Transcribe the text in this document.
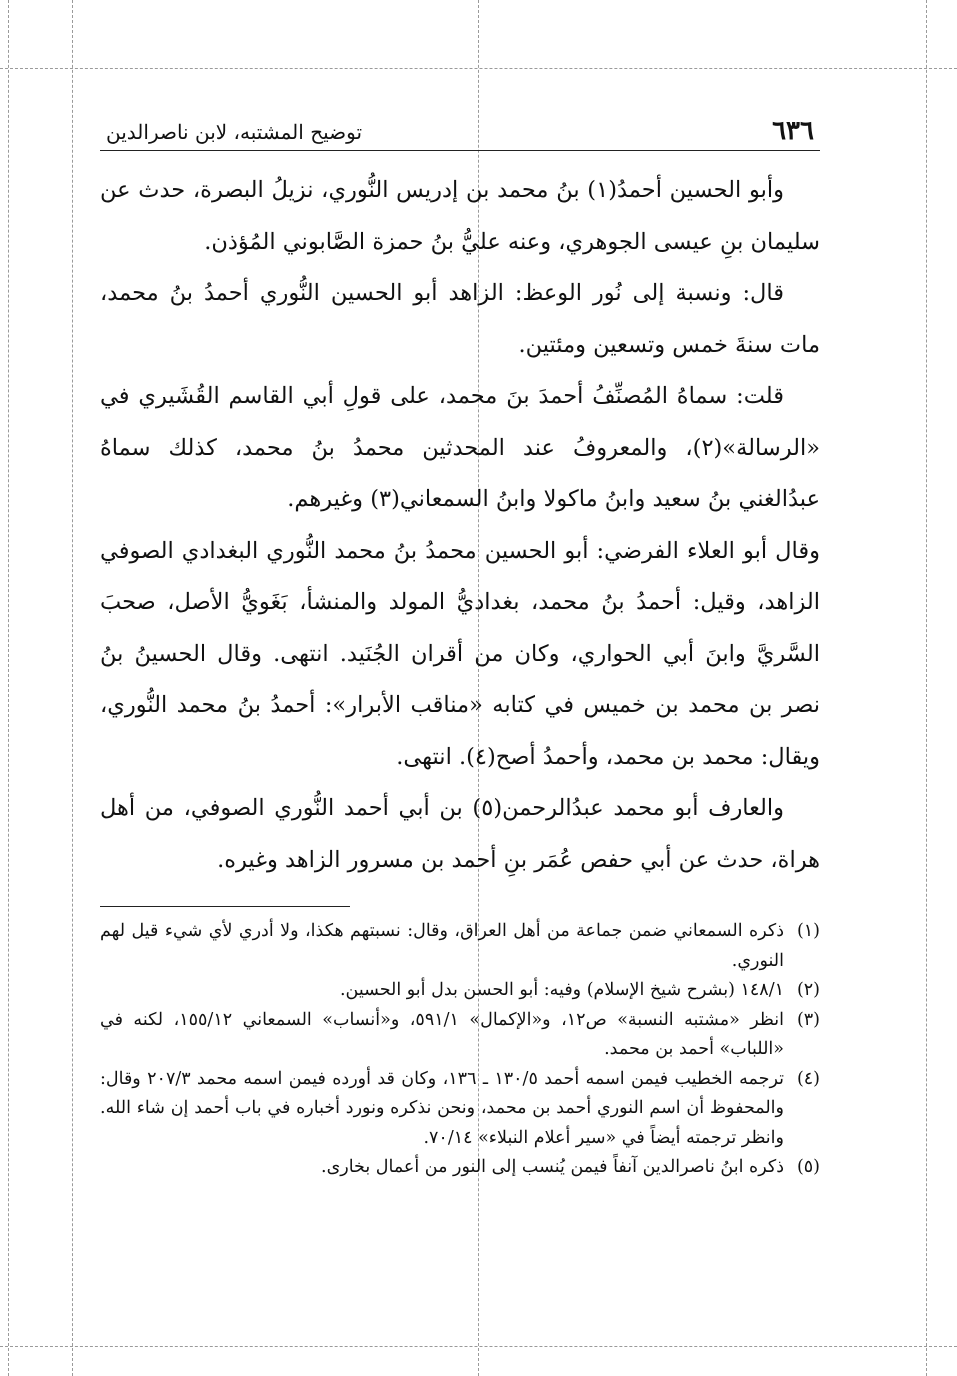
٦٣٦
توضيح المشتبه، لابن ناصرالدين

وأبو الحسين أحمدُ(١) بنُ محمد بن إدريس النُّوري، نزيلُ البصرة، حدث عن سليمان بنِ عيسى الجوهري، وعنه عليُّ بنُ حمزة الصَّابوني المُؤذن.

قال: ونسبة إلى نُور الوعظ: الزاهد أبو الحسين النُّوري أحمدُ بنُ محمد، مات سنةَ خمس وتسعين ومئتين.

قلت: سماهُ المُصنِّفُ أحمدَ بنَ محمد، على قولِ أبي القاسم القُشَيري في «الرسالة»(٢)، والمعروفُ عند المحدثين محمدُ بنُ محمد، كذلك سماهُ عبدُالغني بنُ سعيد وابنُ ماكولا وابنُ السمعاني(٣) وغيرهم.

وقال أبو العلاء الفرضي: أبو الحسين محمدُ بنُ محمد النُّوري البغدادي الصوفي الزاهد، وقيل: أحمدُ بنُ محمد، بغداديُّ المولد والمنشأ، بَغَويُّ الأصل، صحبَ السَّريَّ وابنَ أبي الحواري، وكان من أقران الجُنَيد. انتهى. وقال الحسينُ بنُ نصر بن محمد بن خميس في كتابه «مناقب الأبرار»: أحمدُ بنُ محمد النُّوري، ويقال: محمد بن محمد، وأحمدُ أصح(٤). انتهى.

والعارف أبو محمد عبدُالرحمن(٥) بن أبي أحمد النُّوري الصوفي، من أهل هراة، حدث عن أبي حفص عُمَر بنِ أحمد بن مسرور الزاهد وغيره.

(١)
ذكره السمعاني ضمن جماعة من أهل العراق، وقال: نسبتهم هكذا، ولا أدري لأي شيء قيل لهم النوري.
(٢)
١٤٨/١ (بشرح شيخ الإسلام) وفيه: أبو الحسن بدل أبو الحسين.
(٣)
انظر «مشتبه النسبة» ص١٢، و«الإكمال» ٥٩١/١، و«أنساب» السمعاني ١٥٥/١٢، لكنه في «اللباب» أحمد بن محمد.
(٤)
ترجمه الخطيب فيمن اسمه أحمد ١٣٠/٥ ـ ١٣٦، وكان قد أورده فيمن اسمه محمد ٢٠٧/٣ وقال: والمحفوظ أن اسم النوري أحمد بن محمد، ونحن نذكره ونورد أخباره في باب أحمد إن شاء الله. وانظر ترجمته أيضاً في «سير أعلام النبلاء» ٧٠/١٤.
(٥)
ذكره ابنُ ناصرالدين آنفاً فيمن يُنسب إلى النور من أعمال بخارى.
